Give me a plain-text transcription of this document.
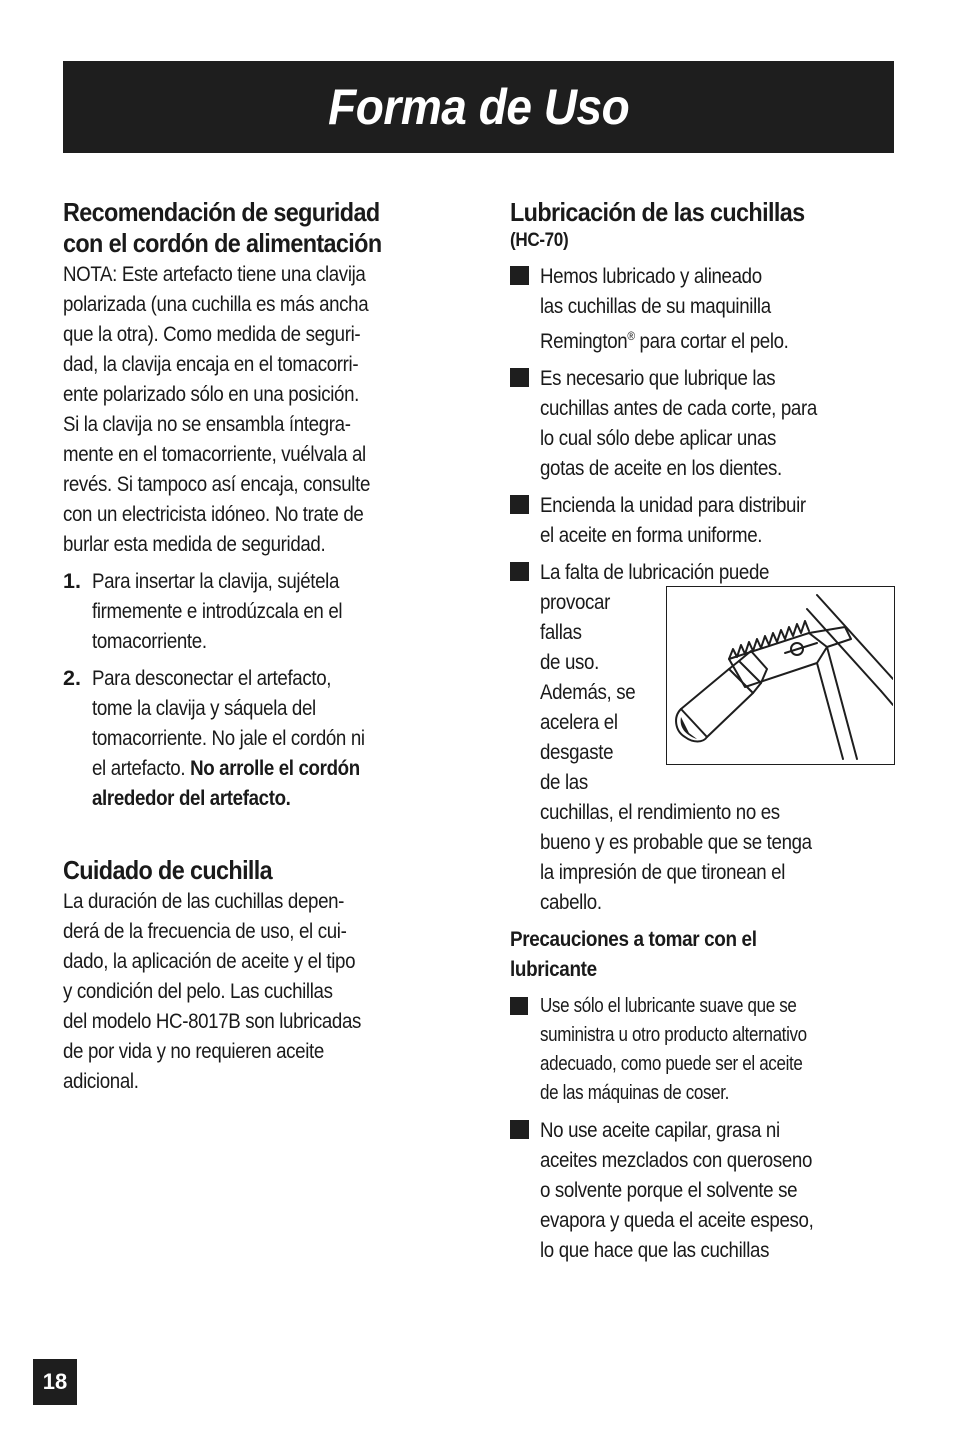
Forma de Uso
Recomendación de seguridad
con el cordón de alimentación
NOTA: Este artefacto tiene una clavija
polarizada (una cuchilla es más ancha
que la otra). Como medida de seguri-
dad, la clavija encaja en el tomacorri-
ente polarizado sólo en una posición.
Si la clavija no se ensambla íntegra-
mente en el tomacorriente, vuélvala al
revés. Si tampoco así encaja, consulte
con un electricista idóneo. No trate de
burlar esta medida de seguridad.
1. Para insertar la clavija, sujétela
firmemente e introdúzcala en el
tomacorriente.
2. Para desconectar el artefacto,
tome la clavija y sáquela del
tomacorriente. No jale el cordón ni
el artefacto. No arrolle el cordón
alrededor del artefacto.
Cuidado de cuchilla
La duración de las cuchillas depen-
derá de la frecuencia de uso, el cui-
dado, la aplicación de aceite y el tipo
y condición del pelo. Las cuchillas
del modelo HC-8017B son lubricadas
de por vida y no requieren aceite
adicional.
Lubricación de las cuchillas
(HC-70)
Hemos lubricado y alineado
las cuchillas de su maquinilla
Remington® para cortar el pelo.
Es necesario que lubrique las
cuchillas antes de cada corte, para
lo cual sólo debe aplicar unas
gotas de aceite en los dientes.
Encienda la unidad para distribuir
el aceite en forma uniforme.
La falta de lubricación puede
provocar
fallas
de uso.
Además, se
acelera el
desgaste
de las
cuchillas, el rendimiento no es
bueno y es probable que se tenga
la impresión de que tironean el
cabello.
Precauciones a tomar con el
lubricante
Use sólo el lubricante suave que se
suministra u otro producto alternativo
adecuado, como puede ser el aceite
de las máquinas de coser.
No use aceite capilar, grasa ni
aceites mezclados con queroseno
o solvente porque el solvente se
evapora y queda el aceite espeso,
lo que hace que las cuchillas
18
